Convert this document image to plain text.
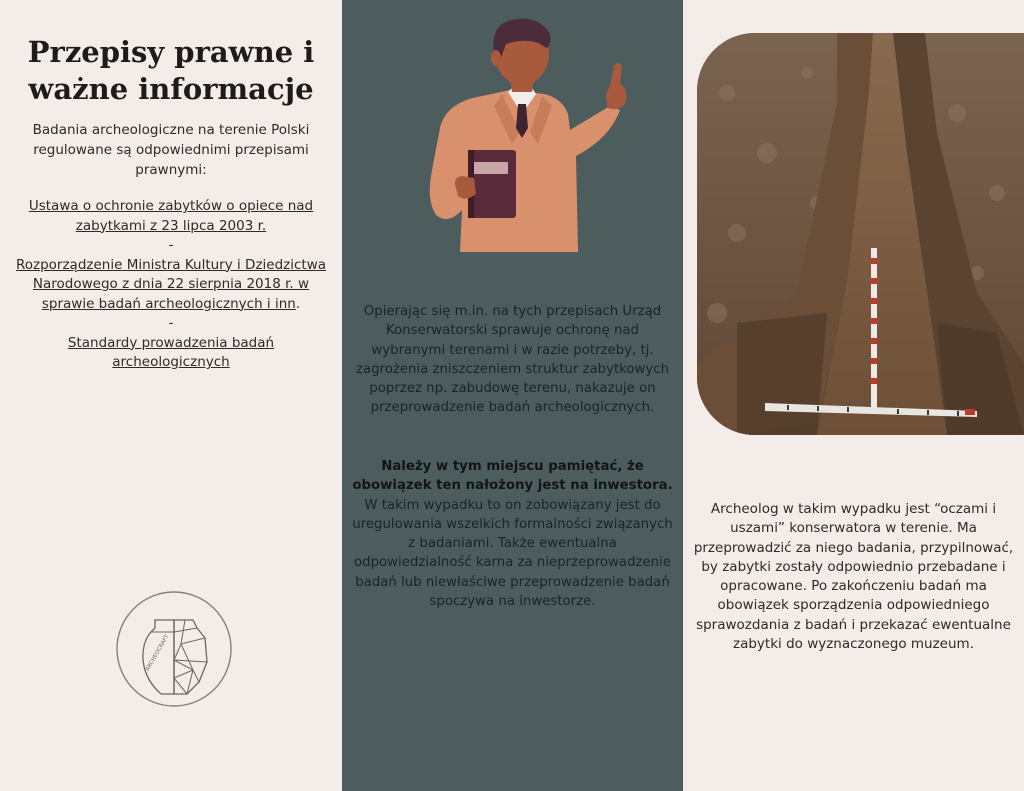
Przepisy prawne i ważne informacje

Badania archeologiczne na terenie Polski regulowane są odpowiednimi przepisami prawnymi:

Ustawa o ochronie zabytków o opiece nad zabytkami z 23 lipca 2003 r.
-
Rozporządzenie Ministra Kultury i Dziedzictwa Narodowego z dnia 22 sierpnia 2018 r. w sprawie badań archeologicznych i inn.
-
Standardy prowadzenia badań archeologicznych
ARCHEOCRAFT

Opierając się m.in. na tych przepisach Urząd Konserwatorski sprawuje ochronę nad wybranymi terenami i w razie potrzeby, tj. zagrożenia zniszczeniem struktur zabytkowych poprzez np. zabudowę terenu, nakazuje on przeprowadzenie badań archeologicznych.

Należy w tym miejscu pamiętać, że obowiązek ten nałożony jest na inwestora. W takim wypadku to on zobowiązany jest do uregulowania wszelkich formalności związanych z badaniami. Także ewentualna odpowiedzialność karna za nieprzeprowadzenie badań lub niewłaściwe przeprowadzenie badań spoczywa na inwestorze.

Archeolog w takim wypadku jest “oczami i uszami” konserwatora w terenie. Ma przeprowadzić za niego badania, przypilnować, by zabytki zostały odpowiednio przebadane i opracowane. Po zakończeniu badań ma obowiązek sporządzenia odpowiedniego sprawozdania z badań i przekazać ewentualne zabytki do wyznaczonego muzeum.
